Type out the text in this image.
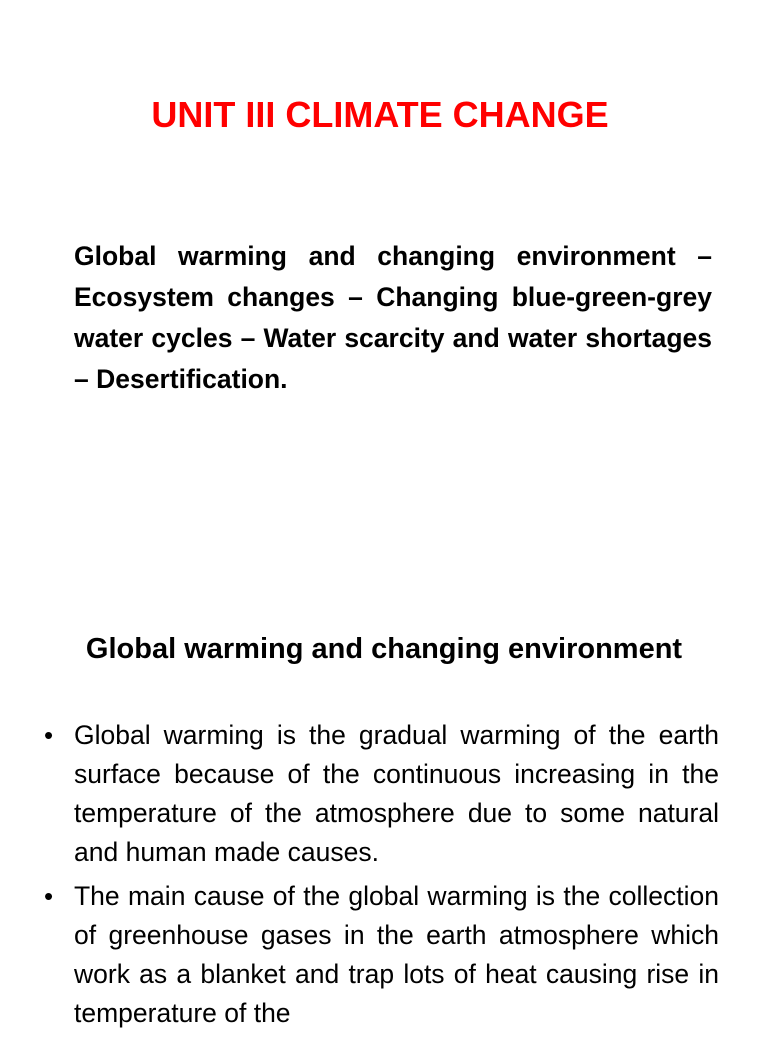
UNIT III CLIMATE CHANGE

Global warming and changing environment – Ecosystem changes – Changing blue-green-grey water cycles – Water scarcity and water shortages – Desertification.

Global warming and changing environment
• Global warming is the gradual warming of the earth surface because of the continuous increasing in the temperature of the atmosphere due to some natural and human made causes.
• The main cause of the global warming is the collection of greenhouse gases in the earth atmosphere which work as a blanket and trap lots of heat causing rise in temperature of the
